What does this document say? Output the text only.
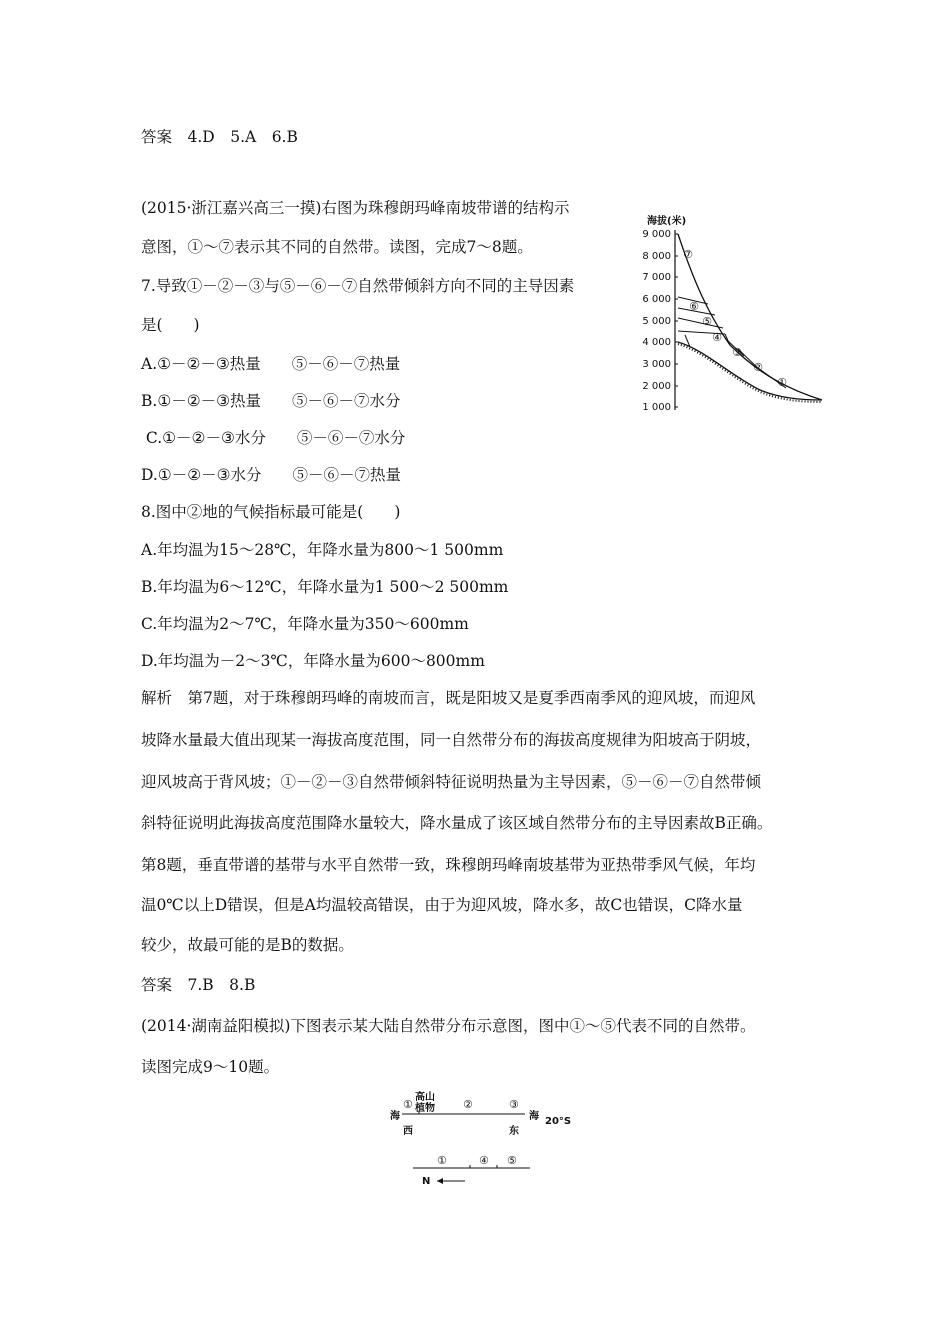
答案　4.D　5.A　6.B
(2015·浙江嘉兴高三一摸)右图为珠穆朗玛峰南坡带谱的结构示
意图，①～⑦表示其不同的自然带。读图，完成7～8题。
7.导致①－②－③与⑤－⑥－⑦自然带倾斜方向不同的主导因素
是(　　)
A.①－②－③热量　　⑤－⑥－⑦热量
B.①－②－③热量　　⑤－⑥－⑦水分
C.①－②－③水分　　⑤－⑥－⑦水分
D.①－②－③水分　　⑤－⑥－⑦热量
8.图中②地的气候指标最可能是(　　)
A.年均温为15～28℃，年降水量为800～1 500mm
B.年均温为6～12℃，年降水量为1 500～2 500mm
C.年均温为2～7℃，年降水量为350～600mm
D.年均温为－2～3℃，年降水量为600～800mm
解析　第7题，对于珠穆朗玛峰的南坡而言，既是阳坡又是夏季西南季风的迎风坡，而迎风
坡降水量最大值出现某一海拔高度范围，同一自然带分布的海拔高度规律为阳坡高于阴坡，
迎风坡高于背风坡；①－②－③自然带倾斜特征说明热量为主导因素，⑤－⑥－⑦自然带倾
斜特征说明此海拔高度范围降水量较大，降水量成了该区域自然带分布的主导因素故B正确。
第8题，垂直带谱的基带与水平自然带一致，珠穆朗玛峰南坡基带为亚热带季风气候，年均
温0℃以上D错误，但是A均温较高错误，由于为迎风坡，降水多，故C也错误，C降水量
较少，故最可能的是B的数据。
答案　7.B　8.B
(2014·湖南益阳模拟)下图表示某大陆自然带分布示意图，图中①～⑤代表不同的自然带。
读图完成9～10题。
海拔(米)
9 000
8 000
7 000
6 000
5 000
4 000
3 000
2 000
1 000
⑦
⑥
⑤
④
③
②
①
高山
植物
海	海
西	东
20°S
N
①	②	③
①	④ ⑤
